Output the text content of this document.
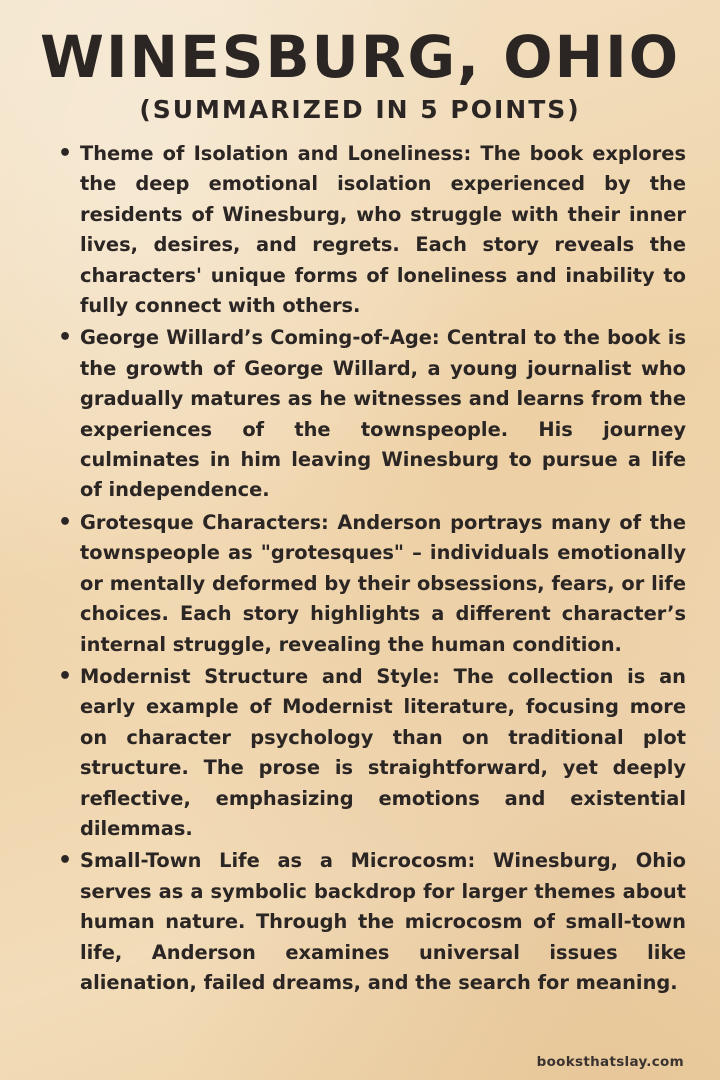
WINESBURG, OHIO
(SUMMARIZED IN 5 POINTS)
• Theme of Isolation and Loneliness: The book explores the deep emotional isolation experienced by the residents of Winesburg, who struggle with their inner lives, desires, and regrets. Each story reveals the characters' unique forms of loneliness and inability to fully connect with others.
• George Willard’s Coming-of-Age: Central to the book is the growth of George Willard, a young journalist who gradually matures as he witnesses and learns from the experiences of the townspeople. His journey culminates in him leaving Winesburg to pursue a life of independence.
• Grotesque Characters: Anderson portrays many of the townspeople as "grotesques" – individuals emotionally or mentally deformed by their obsessions, fears, or life choices. Each story highlights a different character’s internal struggle, revealing the human condition.
• Modernist Structure and Style: The collection is an early example of Modernist literature, focusing more on character psychology than on traditional plot structure. The prose is straightforward, yet deeply reflective, emphasizing emotions and existential dilemmas.
• Small-Town Life as a Microcosm: Winesburg, Ohio serves as a symbolic backdrop for larger themes about human nature. Through the microcosm of small-town life, Anderson examines universal issues like alienation, failed dreams, and the search for meaning.
booksthatslay.com
